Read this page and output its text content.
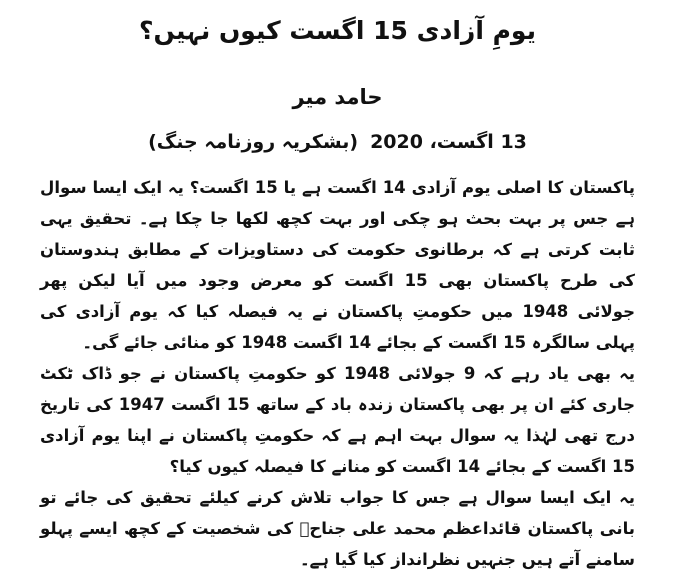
یومِ آزادی 15 اگست کیوں نہیں؟
حامد میر
13 اگست، 2020(بشکریہ روزنامہ جنگ)

پاکستان کا اصلی یوم آزادی 14 اگست ہے یا 15 اگست؟ یہ ایک ایسا سوال ہے جس پر بہت بحث ہو چکی اور بہت کچھ لکھا جا چکا ہے۔ تحقیق یہی ثابت کرتی ہے کہ برطانوی حکومت کی دستاویزات کے مطابق ہندوستان کی طرح پاکستان بھی 15 اگست کو معرض وجود میں آیا لیکن پھر جولائی 1948 میں حکومتِ پاکستان نے یہ فیصلہ کیا کہ یوم آزادی کی پہلی سالگرہ 15 اگست کے بجائے 14 اگست 1948 کو منائی جائے گی۔

یہ بھی یاد رہے کہ 9 جولائی 1948 کو حکومتِ پاکستان نے جو ڈاک ٹکٹ جاری کئے ان پر بھی پاکستان زندہ باد کے ساتھ 15 اگست 1947 کی تاریخ درج تھی لہٰذا یہ سوال بہت اہم ہے کہ حکومتِ پاکستان نے اپنا یوم آزادی 15 اگست کے بجائے 14 اگست کو منانے کا فیصلہ کیوں کیا؟

یہ ایک ایسا سوال ہے جس کا جواب تلاش کرنے کیلئے تحقیق کی جائے تو بانی پاکستان قائداعظم محمد علی جناحؒ کی شخصیت کے کچھ ایسے پہلو سامنے آتے ہیں جنہیں نظرانداز کیا گیا ہے۔
